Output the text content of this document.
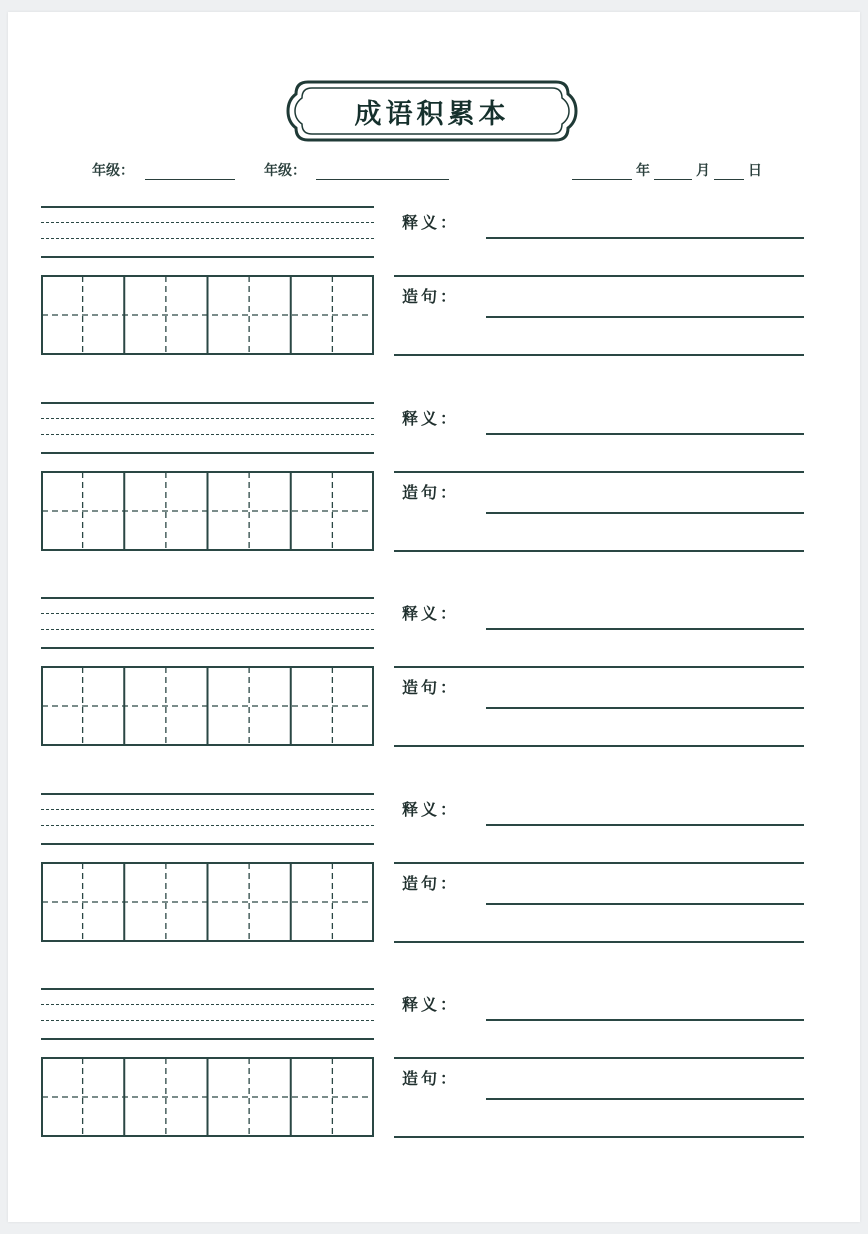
成语积累本
年级：	年级：	年	月	日
释义：
造句：
释义：
造句：
释义：
造句：
释义：
造句：
释义：
造句：
